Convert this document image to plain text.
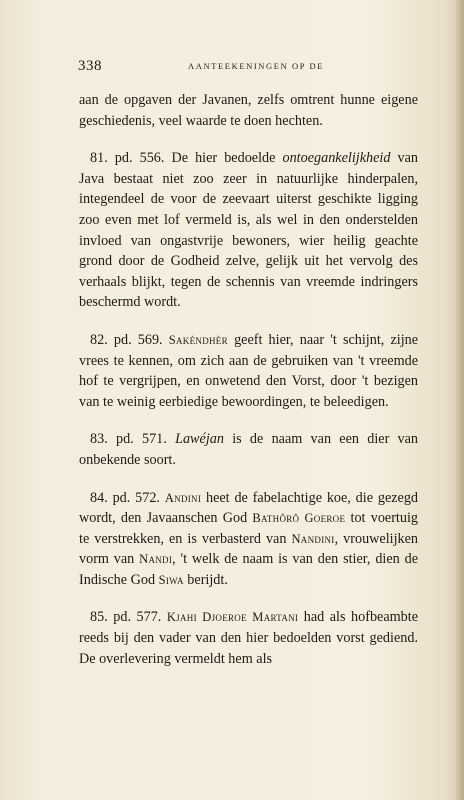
338	AANTEEKENINGEN OP DE

aan de opgaven der Javanen, zelfs omtrent hunne eigene geschiedenis, veel waarde te doen hechten.

81. pd. 556. De hier bedoelde ontoegankelijkheid van Java bestaat niet zoo zeer in natuurlijke hinderpalen, integendeel de voor de zeevaart uiterst geschikte ligging zoo even met lof vermeld is, als wel in den onderstelden invloed van ongastvrije bewoners, wier heilig geachte grond door de Godheid zelve, gelijk uit het vervolg des verhaals blijkt, tegen de schennis van vreemde indringers beschermd wordt.

82. pd. 569. Sakéndhèr geeft hier, naar 't schijnt, zijne vrees te kennen, om zich aan de gebruiken van 't vreemde hof te vergrijpen, en onwetend den Vorst, door 't bezigen van te weinig eerbiedige bewoordingen, te beleedigen.

83. pd. 571. Lawéjan is de naam van een dier van onbekende soort.

84. pd. 572. Andini heet de fabelachtige koe, die gezegd wordt, den Javaanschen God Bathôrô Goeroe tot voertuig te verstrekken, en is verbasterd van Nandini, vrouwelijken vorm van Nandi, 't welk de naam is van den stier, dien de Indische God Siwa berijdt.

85. pd. 577. Kjahi Djoeroe Martani had als hofbeambte reeds bij den vader van den hier bedoelden vorst gediend. De overlevering vermeldt hem als
